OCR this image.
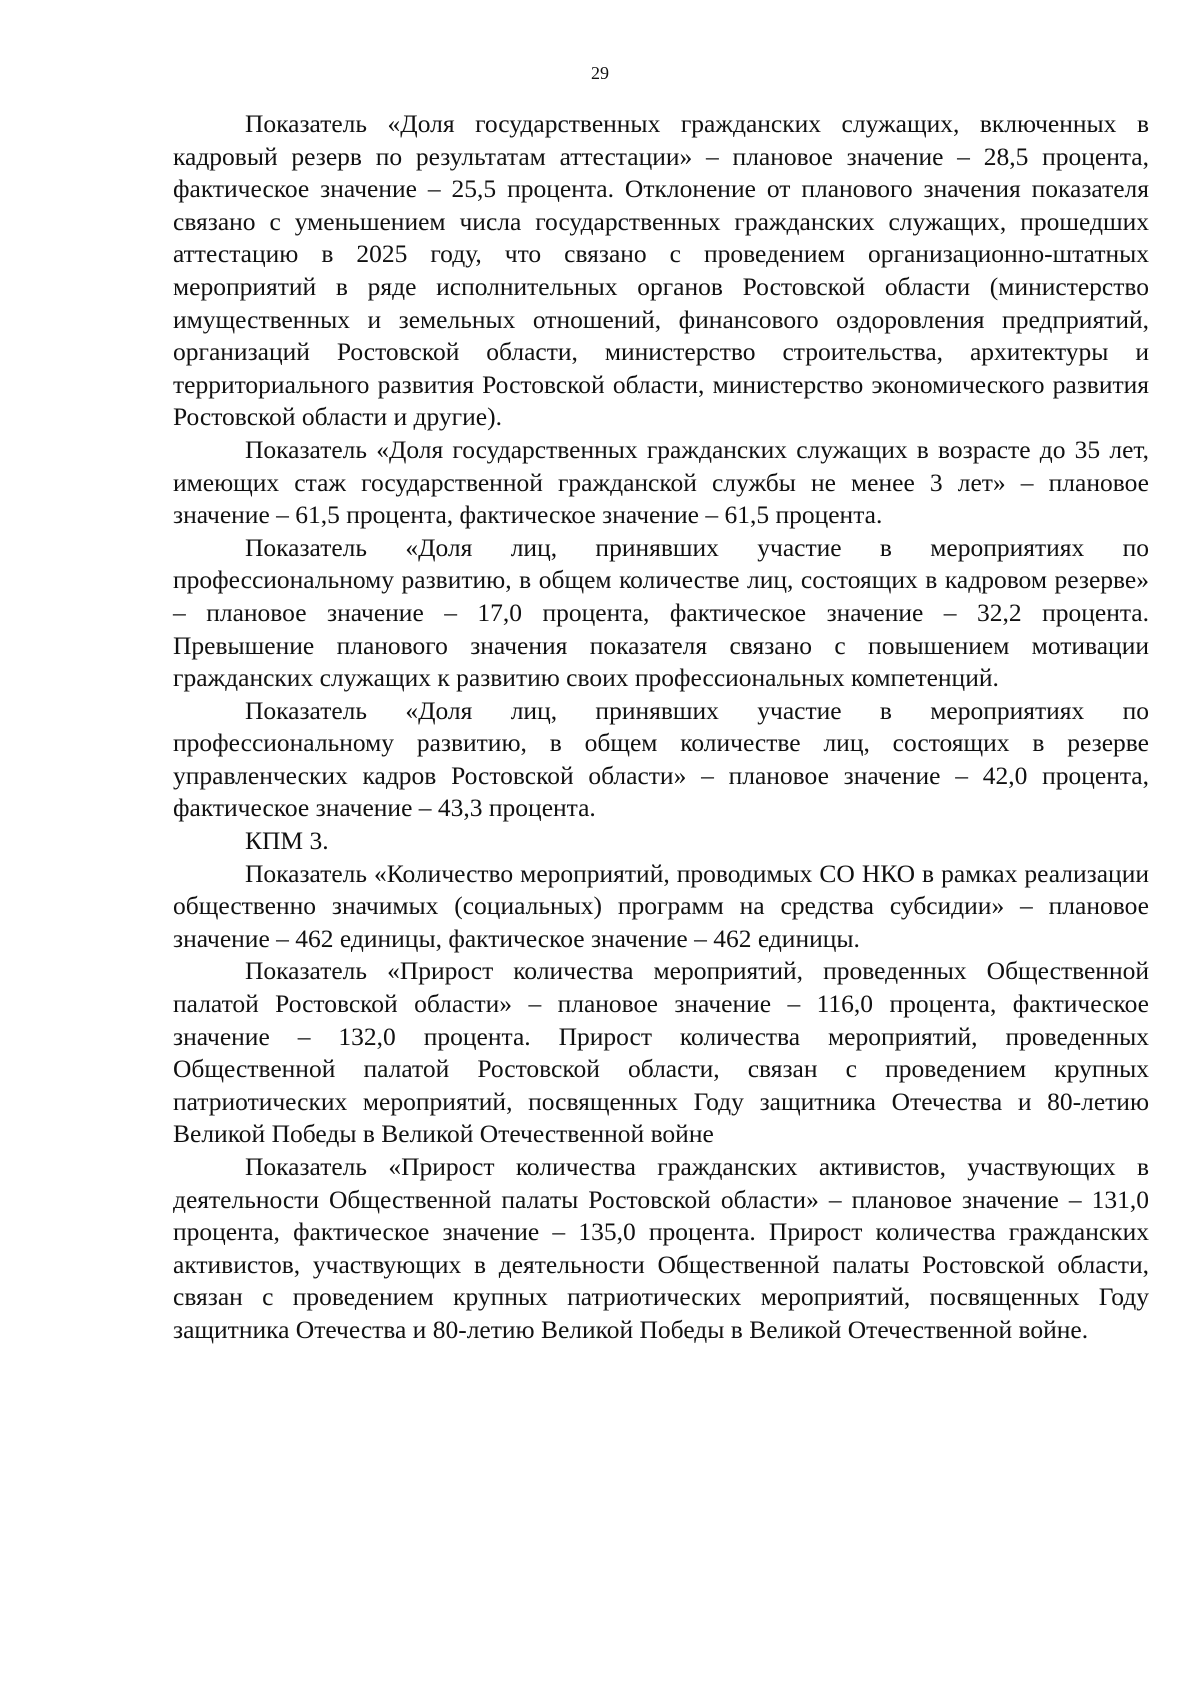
29

Показатель «Доля государственных гражданских служащих, включенных в кадровый резерв по результатам аттестации» – плановое значение – 28,5 процента, фактическое значение – 25,5 процента. Отклонение от планового значения показателя связано с уменьшением числа государственных гражданских служащих, прошедших аттестацию в 2025 году, что связано с проведением организационно-штатных мероприятий в ряде исполнительных органов Ростовской области (министерство имущественных и земельных отношений, финансового оздоровления предприятий, организаций Ростовской области, министерство строительства, архитектуры и территориального развития Ростовской области, министерство экономического развития Ростовской области и другие).

Показатель «Доля государственных гражданских служащих в возрасте до 35 лет, имеющих стаж государственной гражданской службы не менее 3 лет» – плановое значение – 61,5 процента, фактическое значение – 61,5 процента.

Показатель «Доля лиц, принявших участие в мероприятиях по профессиональному развитию, в общем количестве лиц, состоящих в кадровом резерве» – плановое значение – 17,0 процента, фактическое значение – 32,2 процента. Превышение планового значения показателя связано с повышением мотивации гражданских служащих к развитию своих профессиональных компетенций.

Показатель «Доля лиц, принявших участие в мероприятиях по профессиональному развитию, в общем количестве лиц, состоящих в резерве управленческих кадров Ростовской области» – плановое значение – 42,0 процента, фактическое значение – 43,3 процента.

КПМ 3.

Показатель «Количество мероприятий, проводимых СО НКО в рамках реализации общественно значимых (социальных) программ на средства субсидии» – плановое значение – 462 единицы, фактическое значение – 462 единицы.

Показатель «Прирост количества мероприятий, проведенных Общественной палатой Ростовской области» – плановое значение – 116,0 процента, фактическое значение – 132,0 процента. Прирост количества мероприятий, проведенных Общественной палатой Ростовской области, связан с проведением крупных патриотических мероприятий, посвященных Году защитника Отечества и 80-летию Великой Победы в Великой Отечественной войне

Показатель «Прирост количества гражданских активистов, участвующих в деятельности Общественной палаты Ростовской области» – плановое значение – 131,0 процента, фактическое значение – 135,0 процента. Прирост количества гражданских активистов, участвующих в деятельности Общественной палаты Ростовской области, связан с проведением крупных патриотических мероприятий, посвященных Году защитника Отечества и 80-летию Великой Победы в Великой Отечественной войне.
